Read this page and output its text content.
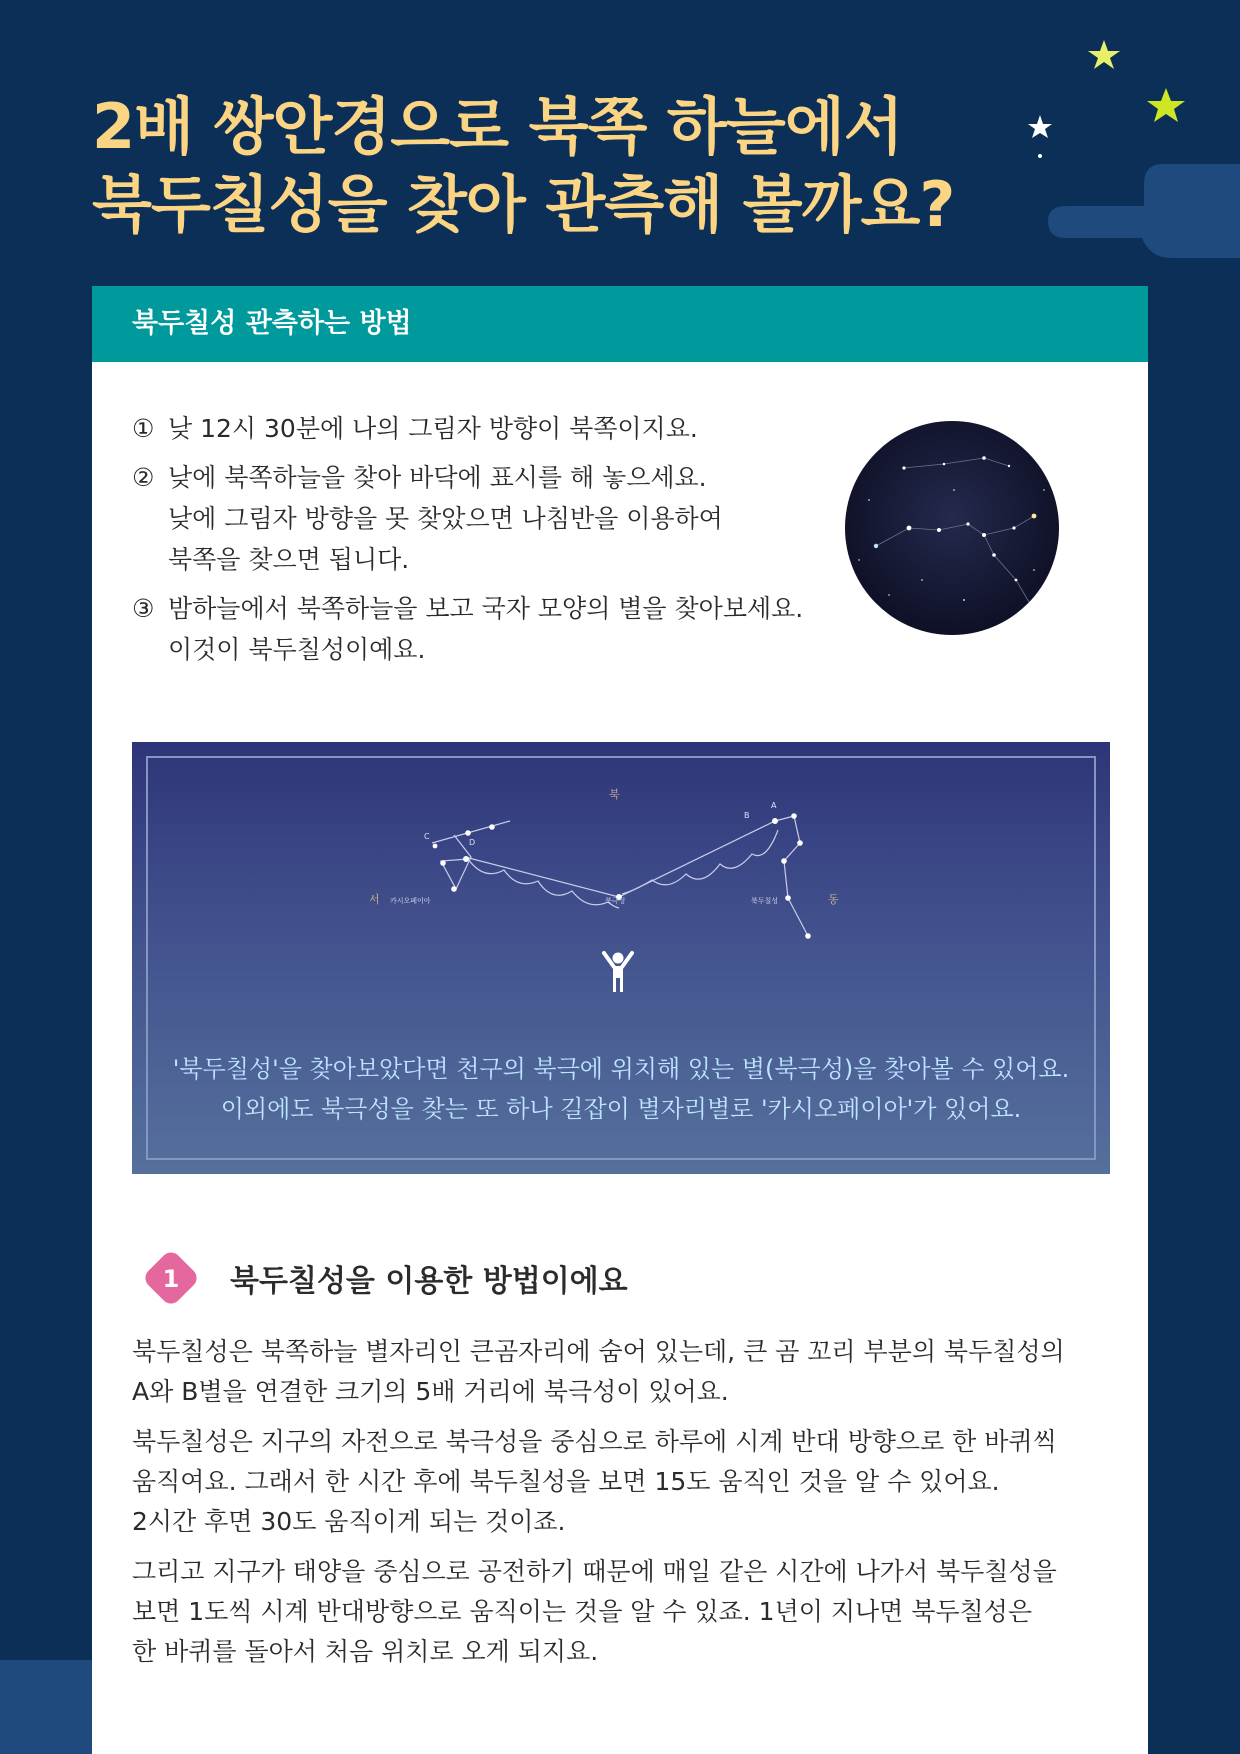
2배 쌍안경으로 북쪽 하늘에서
북두칠성을 찾아 관측해 볼까요?
북두칠성 관측하는 방법
① 낮 12시 30분에 나의 그림자 방향이 북쪽이지요.
② 낮에 북쪽하늘을 찾아 바닥에 표시를 해 놓으세요.
낮에 그림자 방향을 못 찾았으면 나침반을 이용하여
북쪽을 찾으면 됩니다.
③ 밤하늘에서 북쪽하늘을 보고 국자 모양의 별을 찾아보세요.
이것이 북두칠성이예요.
북
서	동
카시오페이아	북극성	북두칠성
A
B
C
D

'북두칠성'을 찾아보았다면 천구의 북극에 위치해 있는 별(북극성)을 찾아볼 수 있어요.
이외에도 북극성을 찾는 또 하나 길잡이 별자리별로 '카시오페이아'가 있어요.

1 북두칠성을 이용한 방법이에요

북두칠성은 북쪽하늘 별자리인 큰곰자리에 숨어 있는데, 큰 곰 꼬리 부분의 북두칠성의
A와 B별을 연결한 크기의 5배 거리에 북극성이 있어요.

북두칠성은 지구의 자전으로 북극성을 중심으로 하루에 시계 반대 방향으로 한 바퀴씩
움직여요. 그래서 한 시간 후에 북두칠성을 보면 15도 움직인 것을 알 수 있어요.
2시간 후면 30도 움직이게 되는 것이죠.

그리고 지구가 태양을 중심으로 공전하기 때문에 매일 같은 시간에 나가서 북두칠성을
보면 1도씩 시계 반대방향으로 움직이는 것을 알 수 있죠. 1년이 지나면 북두칠성은
한 바퀴를 돌아서 처음 위치로 오게 되지요.
